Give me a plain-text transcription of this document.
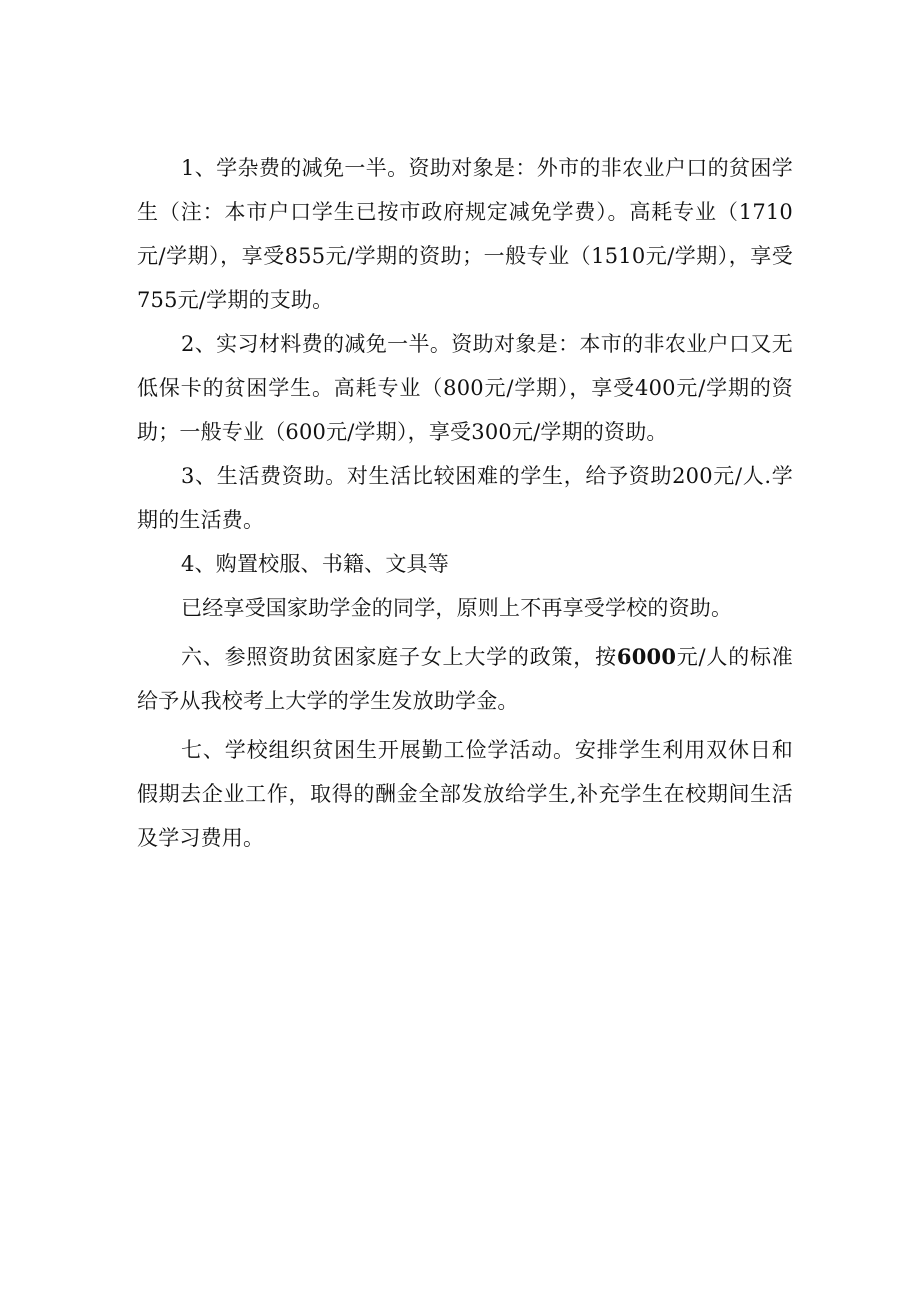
1、学杂费的减免一半。资助对象是：外市的非农业户口的贫困学生（注：本市户口学生已按市政府规定减免学费）。高耗专业（1710元/学期），享受855元/学期的资助；一般专业（1510元/学期），享受755元/学期的支助。

2、实习材料费的减免一半。资助对象是：本市的非农业户口又无低保卡的贫困学生。高耗专业（800元/学期），享受400元/学期的资助；一般专业（600元/学期），享受300元/学期的资助。

3、生活费资助。对生活比较困难的学生，给予资助200元/人.学期的生活费。

4、购置校服、书籍、文具等

已经享受国家助学金的同学，原则上不再享受学校的资助。

六、参照资助贫困家庭子女上大学的政策，按6000元/人的标准给予从我校考上大学的学生发放助学金。

七、学校组织贫困生开展勤工俭学活动。安排学生利用双休日和假期去企业工作，取得的酬金全部发放给学生,补充学生在校期间生活及学习费用。
